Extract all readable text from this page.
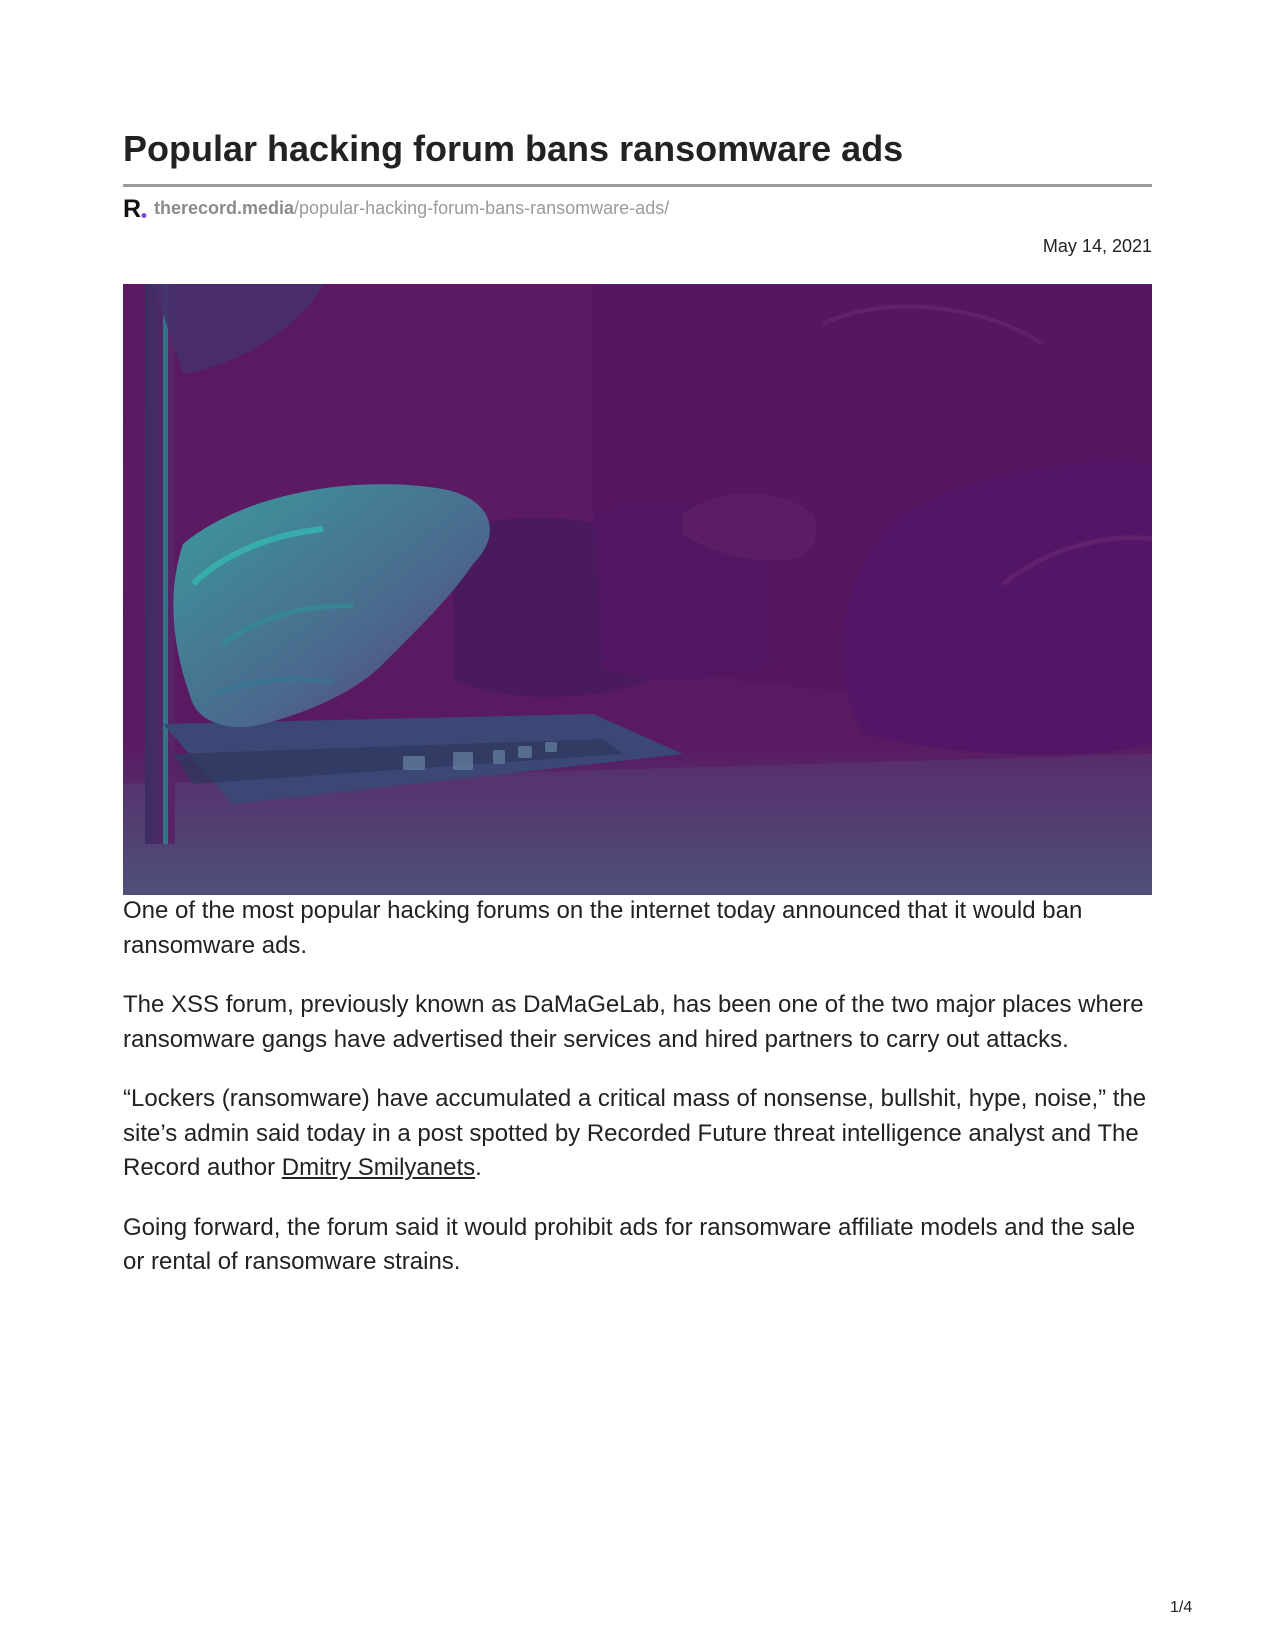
Popular hacking forum bans ransomware ads
R therecord.media /popular-hacking-forum-bans-ransomware-ads/
May 14, 2021

One of the most popular hacking forums on the internet today announced that it would ban ransomware ads.

The XSS forum, previously known as DaMaGeLab, has been one of the two major places where ransomware gangs have advertised their services and hired partners to carry out attacks.

“Lockers (ransomware) have accumulated a critical mass of nonsense, bullshit, hype, noise,” the site’s admin said today in a post spotted by Recorded Future threat intelligence analyst and The Record author Dmitry Smilyanets.

Going forward, the forum said it would prohibit ads for ransomware affiliate models and the sale or rental of ransomware strains.

1/4
